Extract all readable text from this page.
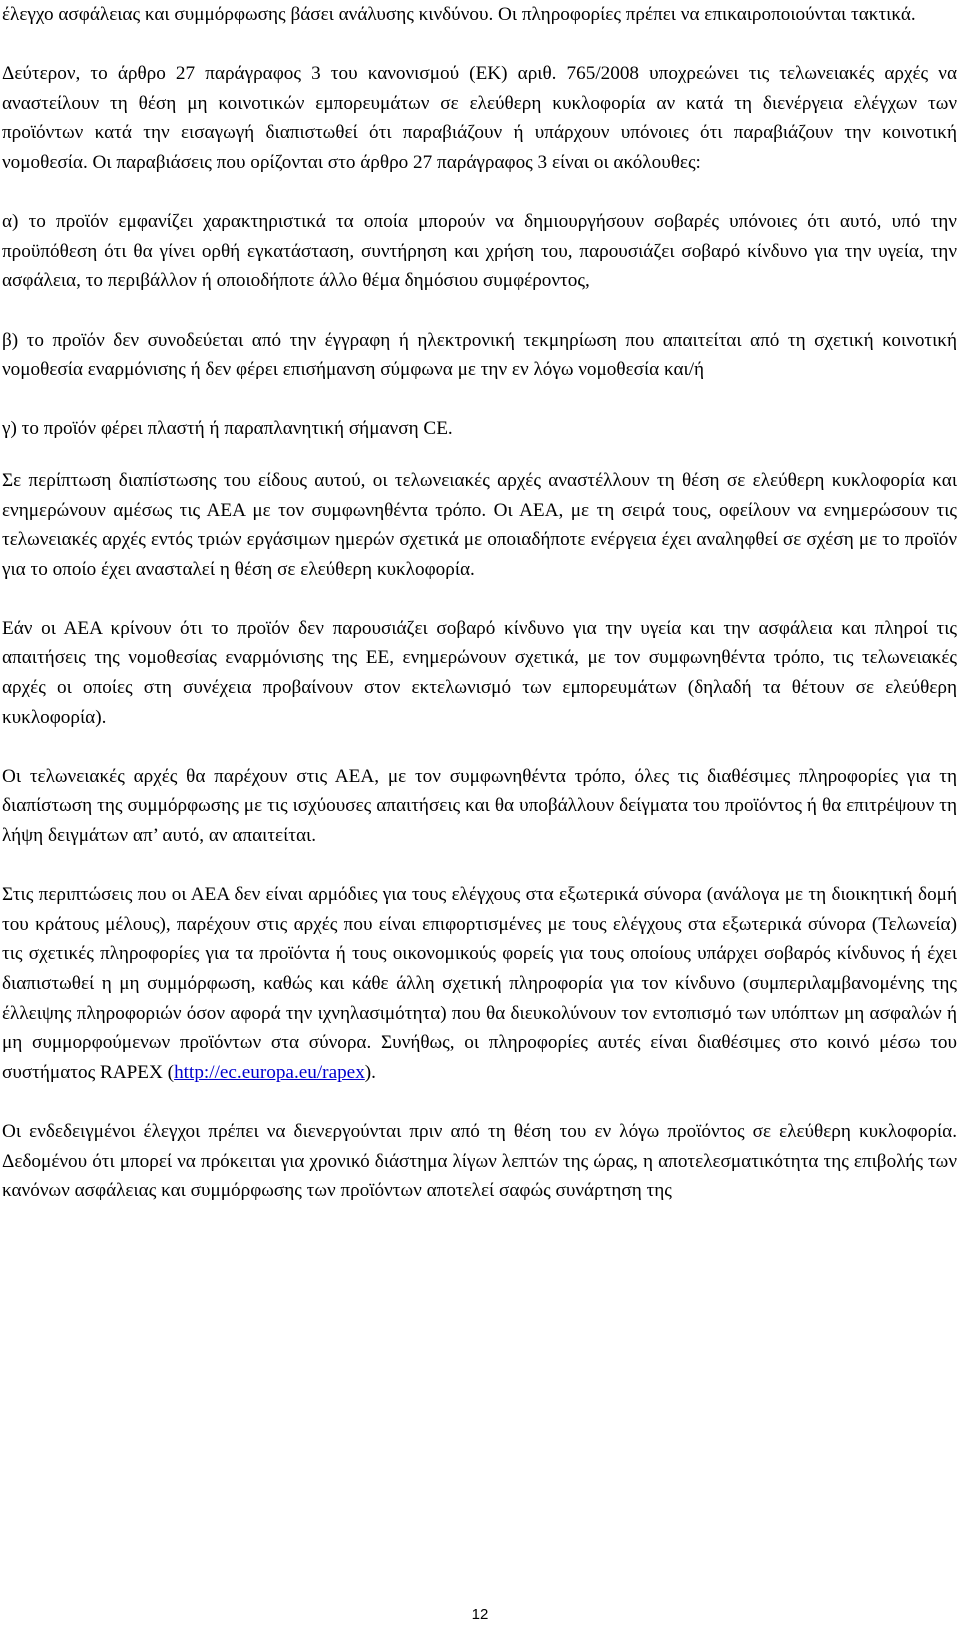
έλεγχο ασφάλειας και συμμόρφωσης βάσει ανάλυσης κινδύνου. Οι πληροφορίες πρέπει να επικαιροποιούνται τακτικά.

Δεύτερον, το άρθρο 27 παράγραφος 3 του κανονισμού (ΕΚ) αριθ. 765/2008 υποχρεώνει τις τελωνειακές αρχές να αναστείλουν τη θέση μη κοινοτικών εμπορευμάτων σε ελεύθερη κυκλοφορία αν κατά τη διενέργεια ελέγχων των προϊόντων κατά την εισαγωγή διαπιστωθεί ότι παραβιάζουν ή υπάρχουν υπόνοιες ότι παραβιάζουν την κοινοτική νομοθεσία. Οι παραβιάσεις που ορίζονται στο άρθρο 27 παράγραφος 3 είναι οι ακόλουθες:

α) το προϊόν εμφανίζει χαρακτηριστικά τα οποία μπορούν να δημιουργήσουν σοβαρές υπόνοιες ότι αυτό, υπό την προϋπόθεση ότι θα γίνει ορθή εγκατάσταση, συντήρηση και χρήση του, παρουσιάζει σοβαρό κίνδυνο για την υγεία, την ασφάλεια, το περιβάλλον ή οποιοδήποτε άλλο θέμα δημόσιου συμφέροντος,

β) το προϊόν δεν συνοδεύεται από την έγγραφη ή ηλεκτρονική τεκμηρίωση που απαιτείται από τη σχετική κοινοτική νομοθεσία εναρμόνισης ή δεν φέρει επισήμανση σύμφωνα με την εν λόγω νομοθεσία και/ή

γ) το προϊόν φέρει πλαστή ή παραπλανητική σήμανση CE.

Σε περίπτωση διαπίστωσης του είδους αυτού, οι τελωνειακές αρχές αναστέλλουν τη θέση σε ελεύθερη κυκλοφορία και ενημερώνουν αμέσως τις ΑΕΑ με τον συμφωνηθέντα τρόπο. Οι ΑΕΑ, με τη σειρά τους, οφείλουν να ενημερώσουν τις τελωνειακές αρχές εντός τριών εργάσιμων ημερών σχετικά με οποιαδήποτε ενέργεια έχει αναληφθεί σε σχέση με το προϊόν για το οποίο έχει ανασταλεί η θέση σε ελεύθερη κυκλοφορία.

Εάν οι ΑΕΑ κρίνουν ότι το προϊόν δεν παρουσιάζει σοβαρό κίνδυνο για την υγεία και την ασφάλεια και πληροί τις απαιτήσεις της νομοθεσίας εναρμόνισης της ΕΕ, ενημερώνουν σχετικά, με τον συμφωνηθέντα τρόπο, τις τελωνειακές αρχές οι οποίες στη συνέχεια προβαίνουν στον εκτελωνισμό των εμπορευμάτων (δηλαδή τα θέτουν σε ελεύθερη κυκλοφορία).

Οι τελωνειακές αρχές θα παρέχουν στις ΑΕΑ, με τον συμφωνηθέντα τρόπο, όλες τις διαθέσιμες πληροφορίες για τη διαπίστωση της συμμόρφωσης με τις ισχύουσες απαιτήσεις και θα υποβάλλουν δείγματα του προϊόντος ή θα επιτρέψουν τη λήψη δειγμάτων απ’ αυτό, αν απαιτείται.

Στις περιπτώσεις που οι ΑΕΑ δεν είναι αρμόδιες για τους ελέγχους στα εξωτερικά σύνορα (ανάλογα με τη διοικητική δομή του κράτους μέλους), παρέχουν στις αρχές που είναι επιφορτισμένες με τους ελέγχους στα εξωτερικά σύνορα (Τελωνεία) τις σχετικές πληροφορίες για τα προϊόντα ή τους οικονομικούς φορείς για τους οποίους υπάρχει σοβαρός κίνδυνος ή έχει διαπιστωθεί η μη συμμόρφωση, καθώς και κάθε άλλη σχετική πληροφορία για τον κίνδυνο (συμπεριλαμβανομένης της έλλειψης πληροφοριών όσον αφορά την ιχνηλασιμότητα) που θα διευκολύνουν τον εντοπισμό των υπόπτων μη ασφαλών ή μη συμμορφούμενων προϊόντων στα σύνορα. Συνήθως, οι πληροφορίες αυτές είναι διαθέσιμες στο κοινό μέσω του συστήματος RAPEX (http://ec.europa.eu/rapex).

Οι ενδεδειγμένοι έλεγχοι πρέπει να διενεργούνται πριν από τη θέση του εν λόγω προϊόντος σε ελεύθερη κυκλοφορία. Δεδομένου ότι μπορεί να πρόκειται για χρονικό διάστημα λίγων λεπτών της ώρας, η αποτελεσματικότητα της επιβολής των κανόνων ασφάλειας και συμμόρφωσης των προϊόντων αποτελεί σαφώς συνάρτηση της

12
